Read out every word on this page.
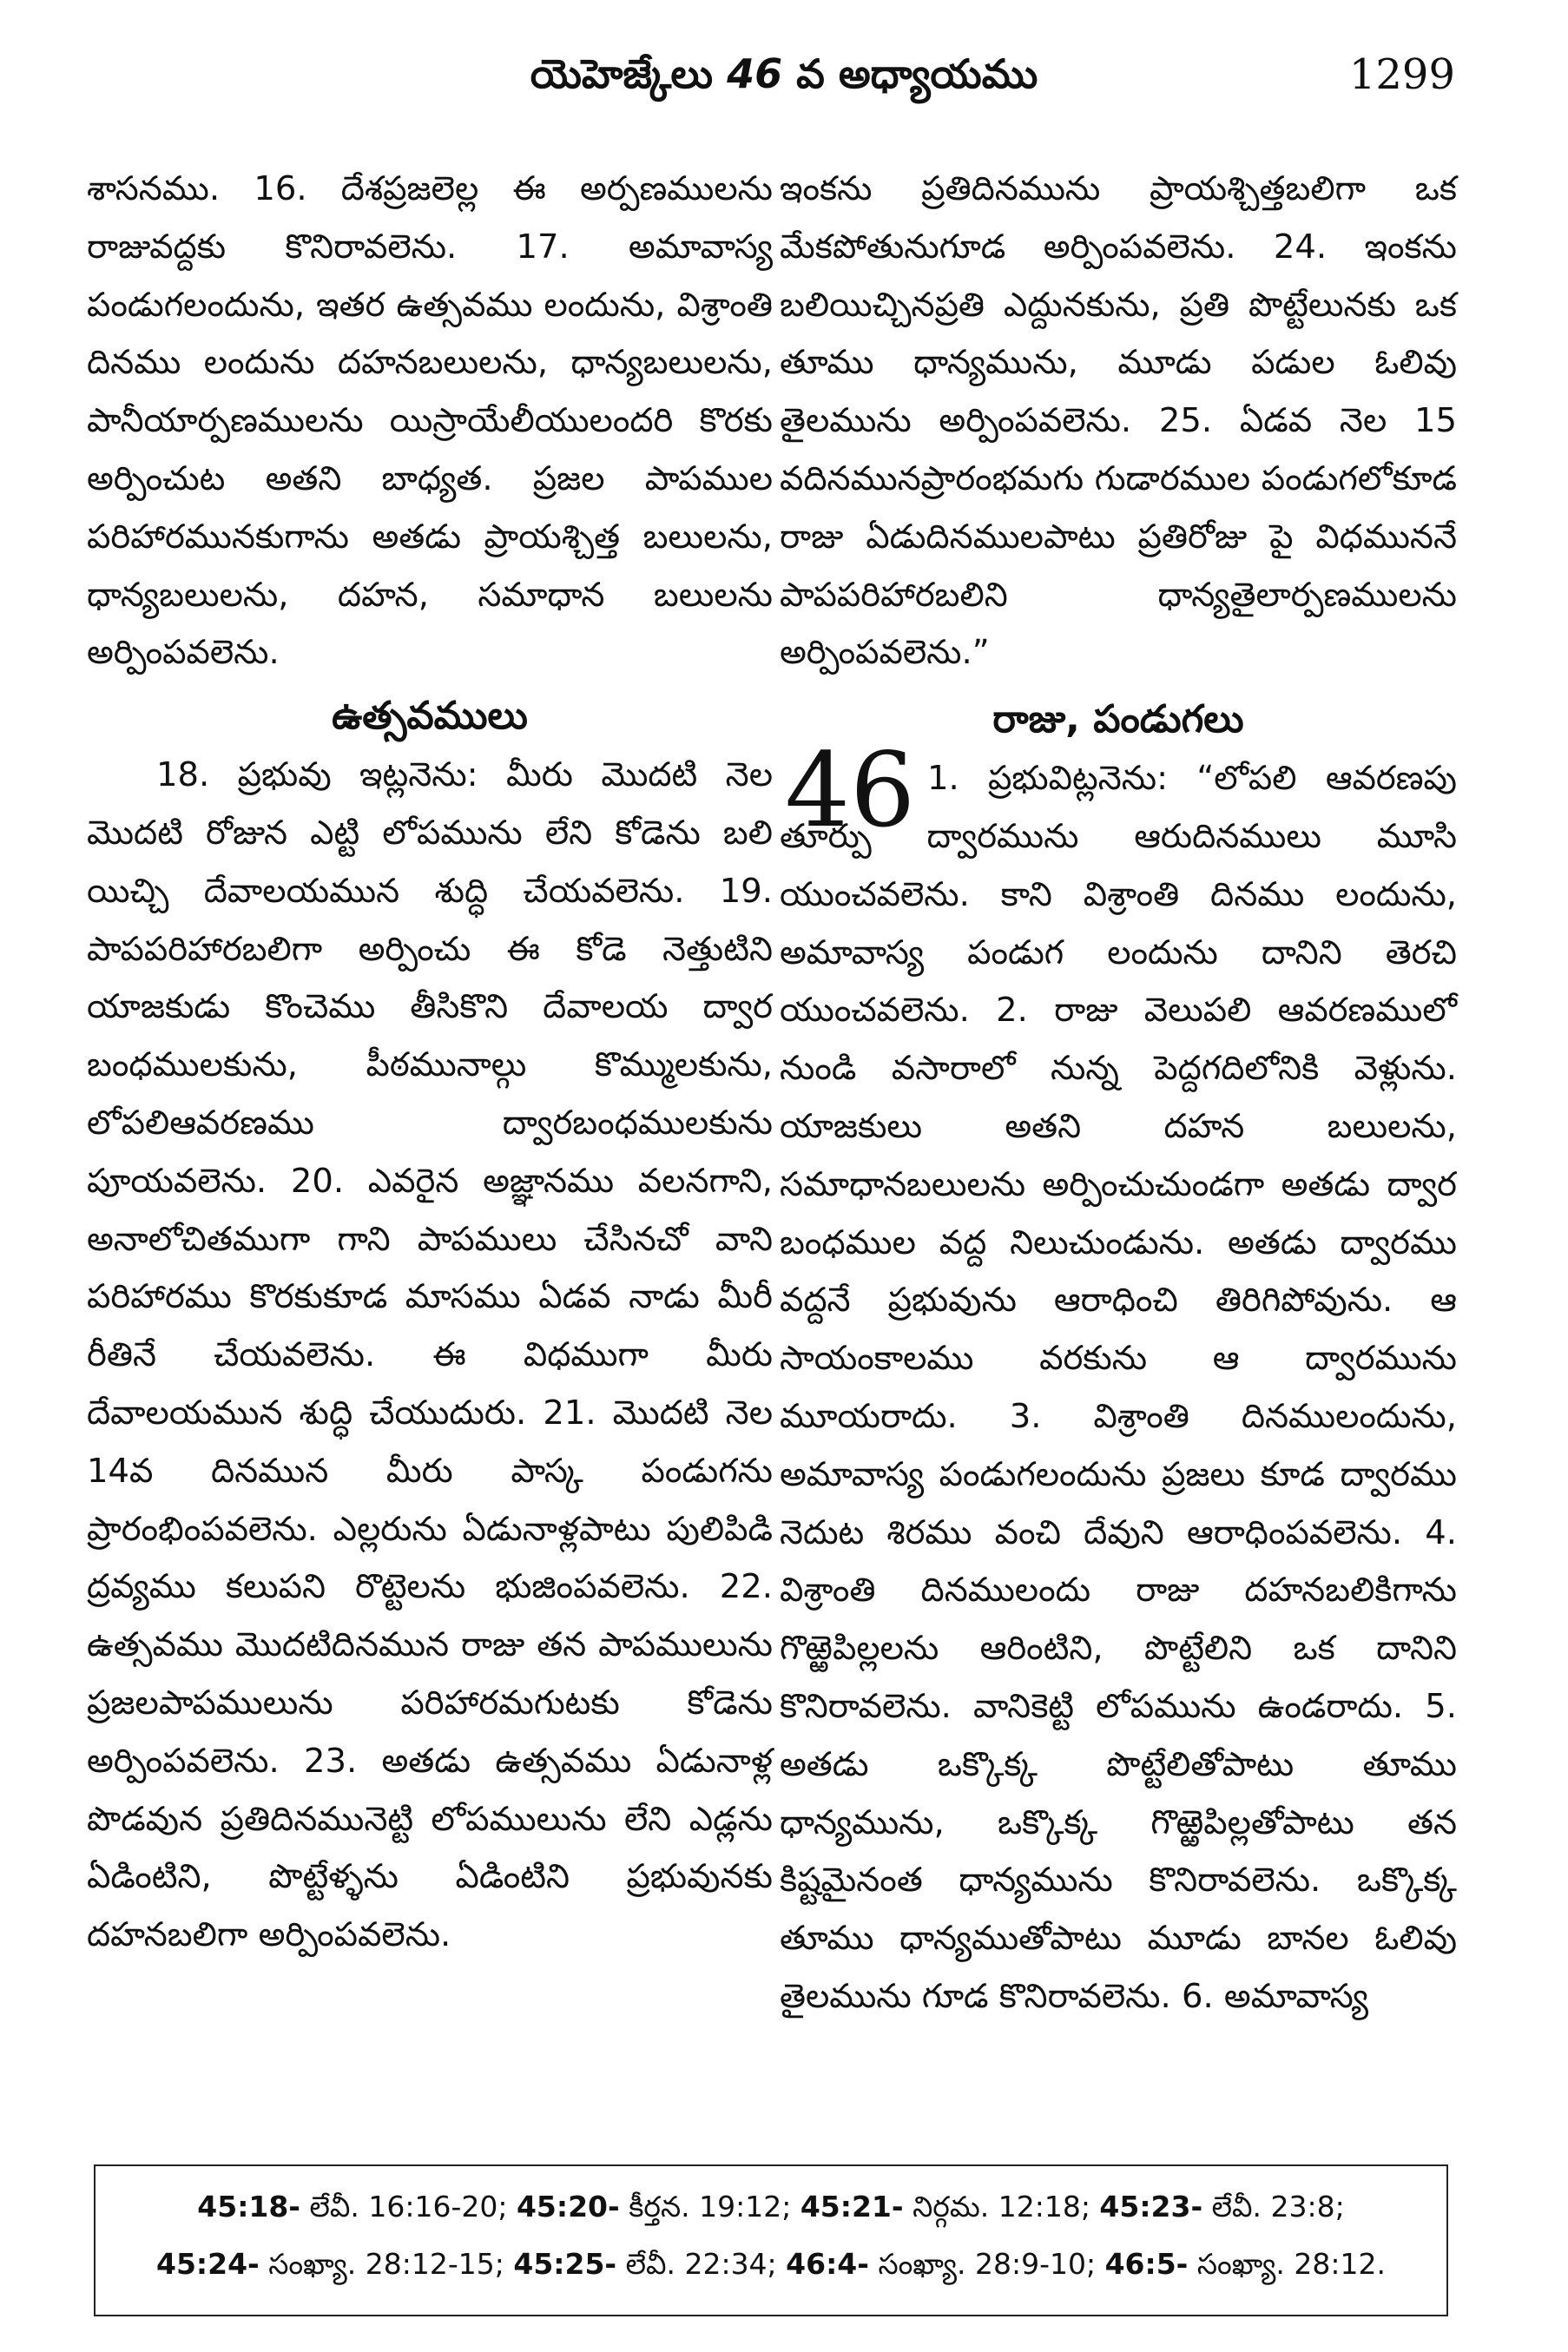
యెహెజ్కేలు 46 వ అధ్యాయము	1299

శాసనము. 16. దేశప్రజలెల్ల ఈ అర్పణములను రాజువద్దకు కొనిరావలెను. 17. అమావాస్య పండుగలందును, ఇతర ఉత్సవము లందును, విశ్రాంతి దినము లందును దహనబలులను, ధాన్యబలులను, పానీయార్పణములను యిస్రాయేలీయులందరి కొరకు అర్పించుట అతని బాధ్యత. ప్రజల పాపముల పరిహారమునకుగాను అతడు ప్రాయశ్చిత్త బలులను, ధాన్యబలులను, దహన, సమాధాన బలులను అర్పింపవలెను.

ఉత్సవములు

18. ప్రభువు ఇట్లనెను: మీరు మొదటి నెల మొదటి రోజున ఎట్టి లోపమును లేని కోడెను బలి యిచ్చి దేవాలయమున శుద్ధి చేయవలెను. 19. పాపపరిహారబలిగా అర్పించు ఈ కోడె నెత్తుటిని యాజకుడు కొంచెము తీసికొని దేవాలయ ద్వార బంధములకును, పీఠమునాల్గు కొమ్ములకును, లోపలిఆవరణము ద్వారబంధములకును పూయవలెను. 20. ఎవరైన అజ్ఞానము వలనగాని, అనాలోచితముగా గాని పాపములు చేసినచో వాని పరిహారము కొరకుకూడ మాసము ఏడవ నాడు మీరీ రీతినే చేయవలెను. ఈ విధముగా మీరు దేవాలయమున శుద్ధి చేయుదురు. 21. మొదటి నెల 14వ దినమున మీరు పాస్క పండుగను ప్రారంభింపవలెను. ఎల్లరును ఏడునాళ్లపాటు పులిపిడి ద్రవ్యము కలుపని రొట్టెలను భుజింపవలెను. 22. ఉత్సవము మొదటిదినమున రాజు తన పాపములును ప్రజలపాపములును పరిహారమగుటకు కోడెను అర్పింపవలెను. 23. అతడు ఉత్సవము ఏడునాళ్ల పొడవున ప్రతిదినమునెట్టి లోపములును లేని ఎడ్లను ఏడింటిని, పొట్టేళ్ళను ఏడింటిని ప్రభువునకు దహనబలిగా అర్పింపవలెను.

ఇంకను ప్రతిదినమును ప్రాయశ్చిత్తబలిగా ఒక మేకపోతునుగూడ అర్పింపవలెను. 24. ఇంకను బలియిచ్చినప్రతి ఎద్దునకును, ప్రతి పొట్టేలునకు ఒక తూము ధాన్యమును, మూడు పడుల ఓలివు తైలమును అర్పింపవలెను. 25. ఏడవ నెల 15 వదినమునప్రారంభమగు గుడారముల పండుగలోకూడ రాజు ఏడుదినములపాటు ప్రతిరోజు పై విధముననే పాపపరిహారబలిని ధాన్యతైలార్పణములను అర్పింపవలెను.”

రాజు, పండుగలు
46 1. ప్రభువిట్లనెను: “లోపలి ఆవరణపు తూర్పు ద్వారమును ఆరుదినములు మూసి యుంచవలెను. కాని విశ్రాంతి దినము లందును, అమావాస్య పండుగ లందును దానిని తెరచి యుంచవలెను. 2. రాజు వెలుపలి ఆవరణములో నుండి వసారాలో నున్న పెద్దగదిలోనికి వెళ్లును. యాజకులు అతని దహన బలులను, సమాధానబలులను అర్పించుచుండగా అతడు ద్వార బంధముల వద్ద నిలుచుండును. అతడు ద్వారము వద్దనే ప్రభువును ఆరాధించి తిరిగిపోవును. ఆ సాయంకాలము వరకును ఆ ద్వారమును మూయరాదు. 3. విశ్రాంతి దినములందును, అమావాస్య పండుగలందును ప్రజలు కూడ ద్వారము నెదుట శిరము వంచి దేవుని ఆరాధింపవలెను. 4. విశ్రాంతి దినములందు రాజు దహనబలికిగాను గొఱ్ఱెపిల్లలను ఆరింటిని, పొట్టేలిని ఒక దానిని కొనిరావలెను. వానికెట్టి లోపమును ఉండరాదు. 5. అతడు ఒక్కొక్క పొట్టేలితోపాటు తూము ధాన్యమును, ఒక్కొక్క గొఱ్ఱెపిల్లతోపాటు తన కిష్టమైనంత ధాన్యమును కొనిరావలెను. ఒక్కొక్క తూము ధాన్యముతోపాటు మూడు బానల ఓలివు తైలమును గూడ కొనిరావలెను. 6. అమావాస్య

45:18- లేవీ. 16:16-20; 45:20- కీర్తన. 19:12; 45:21- నిర్గమ. 12:18; 45:23- లేవీ. 23:8;
45:24- సంఖ్యా. 28:12-15; 45:25- లేవీ. 22:34; 46:4- సంఖ్యా. 28:9-10; 46:5- సంఖ్యా. 28:12.
